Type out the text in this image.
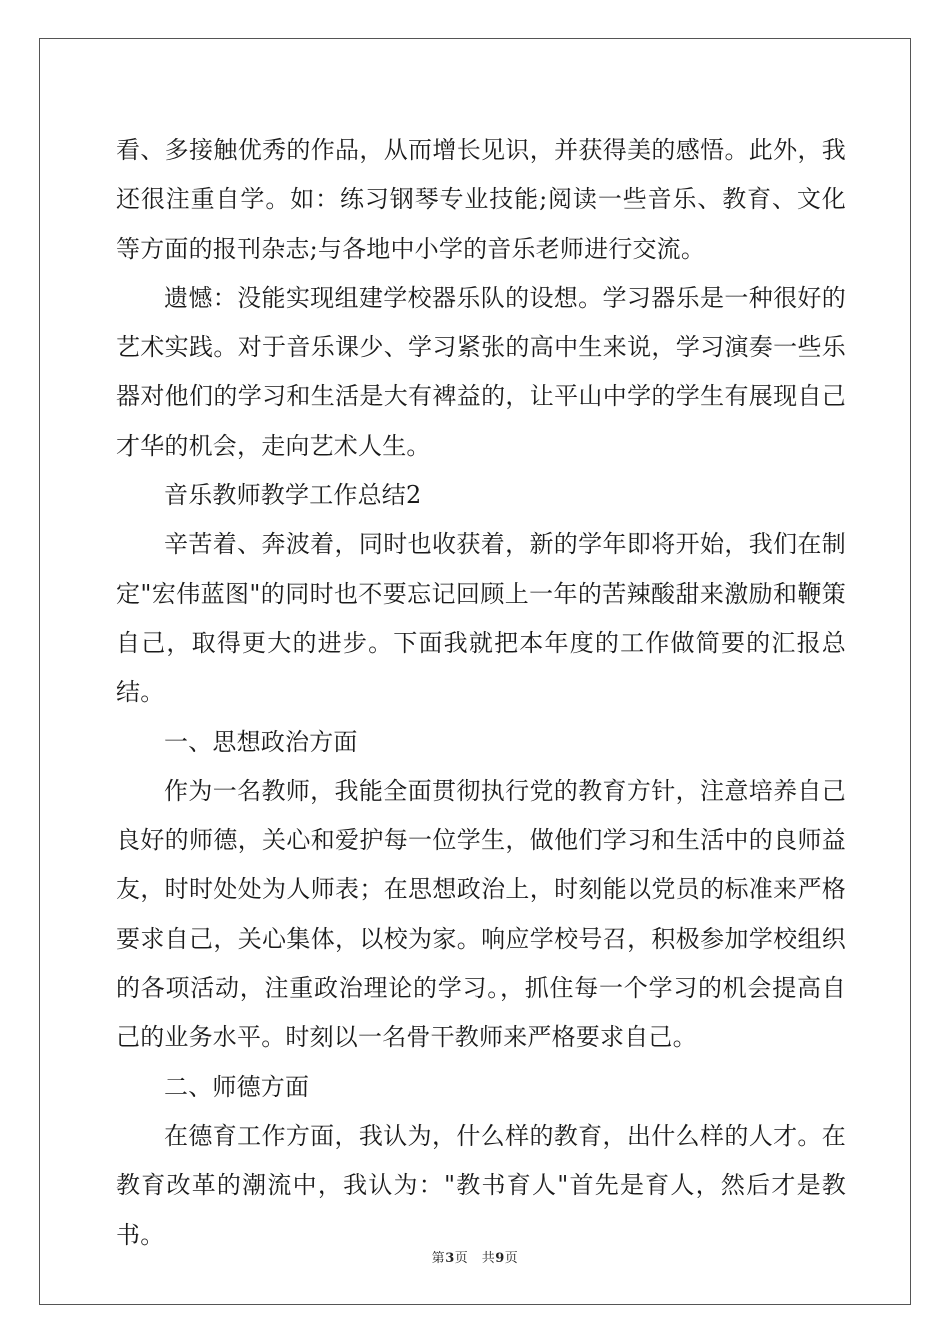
看、多接触优秀的作品，从而增长见识，并获得美的感悟。此外，我还很注重自学。如：练习钢琴专业技能;阅读一些音乐、教育、文化等方面的报刊杂志;与各地中小学的音乐老师进行交流。

遗憾：没能实现组建学校器乐队的设想。学习器乐是一种很好的艺术实践。对于音乐课少、学习紧张的高中生来说，学习演奏一些乐器对他们的学习和生活是大有裨益的，让平山中学的学生有展现自己才华的机会，走向艺术人生。

音乐教师教学工作总结2

辛苦着、奔波着，同时也收获着，新的学年即将开始，我们在制定"宏伟蓝图"的同时也不要忘记回顾上一年的苦辣酸甜来激励和鞭策自己，取得更大的进步。下面我就把本年度的工作做简要的汇报总结。

一、思想政治方面

作为一名教师，我能全面贯彻执行党的教育方针，注意培养自己良好的师德，关心和爱护每一位学生，做他们学习和生活中的良师益友，时时处处为人师表；在思想政治上，时刻能以党员的标准来严格要求自己，关心集体，以校为家。响应学校号召，积极参加学校组织的各项活动，注重政治理论的学习。，抓住每一个学习的机会提高自己的业务水平。时刻以一名骨干教师来严格要求自己。

二、师德方面

在德育工作方面，我认为，什么样的教育，出什么样的人才。在教育改革的潮流中，我认为："教书育人"首先是育人，然后才是教书。

第3页　共9页
